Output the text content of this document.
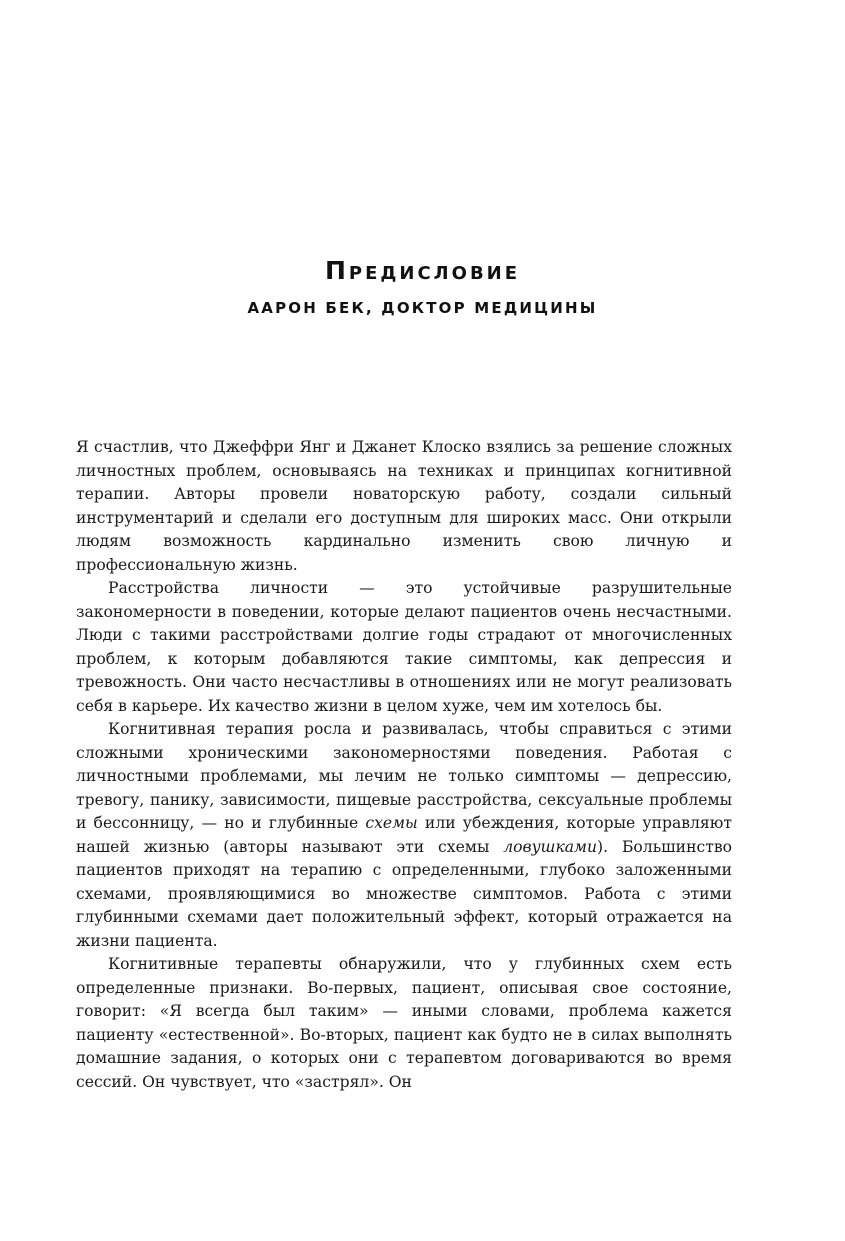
Предисловие
ААРОН БЕК, ДОКТОР МЕДИЦИНЫ

Я счастлив, что Джеффри Янг и Джанет Клоско взялись за решение сложных личностных проблем, основываясь на техниках и принципах когнитивной терапии. Авторы провели новаторскую работу, создали сильный инструментарий и сделали его доступным для широких масс. Они открыли людям возможность кардинально изменить свою личную и профессиональную жизнь.

Расстройства личности — это устойчивые разрушительные закономерности в поведении, которые делают пациентов очень несчастными. Люди с такими расстройствами долгие годы страдают от многочисленных проблем, к которым добавляются такие симптомы, как депрессия и тревожность. Они часто несчастливы в отношениях или не могут реализовать себя в карьере. Их качество жизни в целом хуже, чем им хотелось бы.

Когнитивная терапия росла и развивалась, чтобы справиться с этими сложными хроническими закономерностями поведения. Работая с личностными проблемами, мы лечим не только симптомы — депрессию, тревогу, панику, зависимости, пищевые расстройства, сексуальные проблемы и бессонницу, — но и глубинные схемы или убеждения, которые управляют нашей жизнью (авторы называют эти схемы ловушками). Большинство пациентов приходят на терапию с определенными, глубоко заложенными схемами, проявляющимися во множестве симптомов. Работа с этими глубинными схемами дает положительный эффект, который отражается на жизни пациента.

Когнитивные терапевты обнаружили, что у глубинных схем есть определенные признаки. Во-первых, пациент, описывая свое состояние, говорит: «Я всегда был таким» — иными словами, проблема кажется пациенту «естественной». Во-вторых, пациент как будто не в силах выполнять домашние задания, о которых они с терапевтом договариваются во время сессий. Он чувствует, что «застрял». Он
